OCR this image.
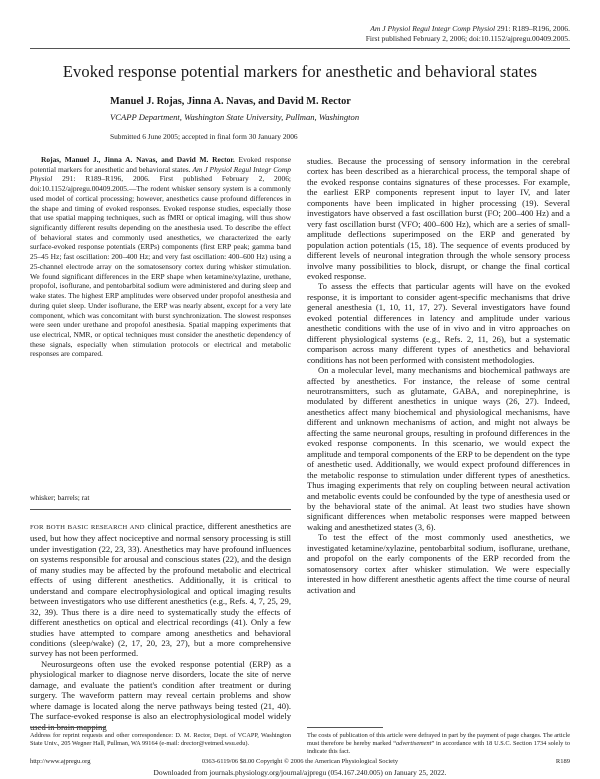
Am J Physiol Regul Integr Comp Physiol 291: R189–R196, 2006.
First published February 2, 2006; doi:10.1152/ajpregu.00409.2005.
Evoked response potential markers for anesthetic and behavioral states
Manuel J. Rojas, Jinna A. Navas, and David M. Rector
VCAPP Department, Washington State University, Pullman, Washington
Submitted 6 June 2005; accepted in final form 30 January 2006

Rojas, Manuel J., Jinna A. Navas, and David M. Rector. Evoked response potential markers for anesthetic and behavioral states. Am J Physiol Regul Integr Comp Physiol 291: R189–R196, 2006. First published February 2, 2006; doi:10.1152/ajpregu.00409.2005.—The rodent whisker sensory system is a commonly used model of cortical processing; however, anesthetics cause profound differences in the shape and timing of evoked responses. Evoked response studies, especially those that use spatial mapping techniques, such as fMRI or optical imaging, will thus show significantly different results depending on the anesthesia used. To describe the effect of behavioral states and commonly used anesthetics, we characterized the early surface-evoked response potentials (ERPs) components (first ERP peak; gamma band 25–45 Hz; fast oscillation: 200–400 Hz; and very fast oscillation: 400–600 Hz) using a 25-channel electrode array on the somatosensory cortex during whisker stimulation. We found significant differences in the ERP shape when ketamine/xylazine, urethane, propofol, isoflurane, and pentobarbital sodium were administered and during sleep and wake states. The highest ERP amplitudes were observed under propofol anesthesia and during quiet sleep. Under isoflurane, the ERP was nearly absent, except for a very late component, which was concomitant with burst synchronization. The slowest responses were seen under urethane and propofol anesthesia. Spatial mapping experiments that use electrical, NMR, or optical techniques must consider the anesthetic dependency of these signals, especially when stimulation protocols or electrical and metabolic responses are compared.

whisker; barrels; rat

FOR BOTH BASIC RESEARCH AND clinical practice, different anesthetics are used, but how they affect nociceptive and normal sensory processing is still under investigation (22, 23, 33). Anesthetics may have profound influences on systems responsible for arousal and conscious states (22), and the design of many studies may be affected by the profound metabolic and electrical effects of using different anesthetics. Additionally, it is critical to understand and compare electrophysiological and optical imaging results between investigators who use different anesthetics (e.g., Refs. 4, 7, 25, 29, 32, 39). Thus there is a dire need to systematically study the effects of different anesthetics on optical and electrical recordings (41). Only a few studies have attempted to compare among anesthetics and behavioral conditions (sleep/wake) (2, 17, 20, 23, 27), but a more comprehensive survey has not been performed.

Neurosurgeons often use the evoked response potential (ERP) as a physiological marker to diagnose nerve disorders, locate the site of nerve damage, and evaluate the patient's condition after treatment or during surgery. The waveform pattern may reveal certain problems and show where damage is located along the nerve pathways being tested (21, 40). The surface-evoked response is also an electrophysiological model widely used in brain mapping

studies. Because the processing of sensory information in the cerebral cortex has been described as a hierarchical process, the temporal shape of the evoked response contains signatures of these processes. For example, the earliest ERP components represent input to layer IV, and later components have been implicated in higher processing (19). Several investigators have observed a fast oscillation burst (FO; 200–400 Hz) and a very fast oscillation burst (VFO; 400–600 Hz), which are a series of small-amplitude deflections superimposed on the ERP and generated by population action potentials (15, 18). The sequence of events produced by different levels of neuronal integration through the whole sensory process involve many possibilities to block, disrupt, or change the final cortical evoked response.

To assess the effects that particular agents will have on the evoked response, it is important to consider agent-specific mechanisms that drive general anesthesia (1, 10, 11, 17, 27). Several investigators have found evoked potential differences in latency and amplitude under various anesthetic conditions with the use of in vivo and in vitro approaches on different physiological systems (e.g., Refs. 2, 11, 26), but a systematic comparison across many different types of anesthetics and behavioral conditions has not been performed with consistent methodologies.

On a molecular level, many mechanisms and biochemical pathways are affected by anesthetics. For instance, the release of some central neurotransmitters, such as glutamate, GABA, and norepinephrine, is modulated by different anesthetics in unique ways (26, 27). Indeed, anesthetics affect many biochemical and physiological mechanisms, have different and unknown mechanisms of action, and might not always be affecting the same neuronal groups, resulting in profound differences in the evoked response components. In this scenario, we would expect the amplitude and temporal components of the ERP to be dependent on the type of anesthetic used. Additionally, we would expect profound differences in the metabolic response to stimulation under different types of anesthetics. Thus imaging experiments that rely on coupling between neural activation and metabolic events could be confounded by the type of anesthesia used or by the behavioral state of the animal. At least two studies have shown significant differences when metabolic responses were mapped between waking and anesthetized states (3, 6).

To test the effect of the most commonly used anesthetics, we investigated ketamine/xylazine, pentobarbital sodium, isoflurane, urethane, and propofol on the early components of the ERP recorded from the somatosensory cortex after whisker stimulation. We were especially interested in how different anesthetic agents affect the time course of neural activation and

Address for reprint requests and other correspondence: D. M. Rector, Dept. of VCAPP, Washington State Univ., 205 Wegner Hall, Pullman, WA 99164 (e-mail: drector@vetmed.wsu.edu).
The costs of publication of this article were defrayed in part by the payment of page charges. The article must therefore be hereby marked “advertisement” in accordance with 18 U.S.C. Section 1734 solely to indicate this fact.
http://www.ajpregu.org	0363-6119/06 $8.00 Copyright © 2006 the American Physiological Society	R189
Downloaded from journals.physiology.org/journal/ajpregu (054.167.240.005) on January 25, 2022.
